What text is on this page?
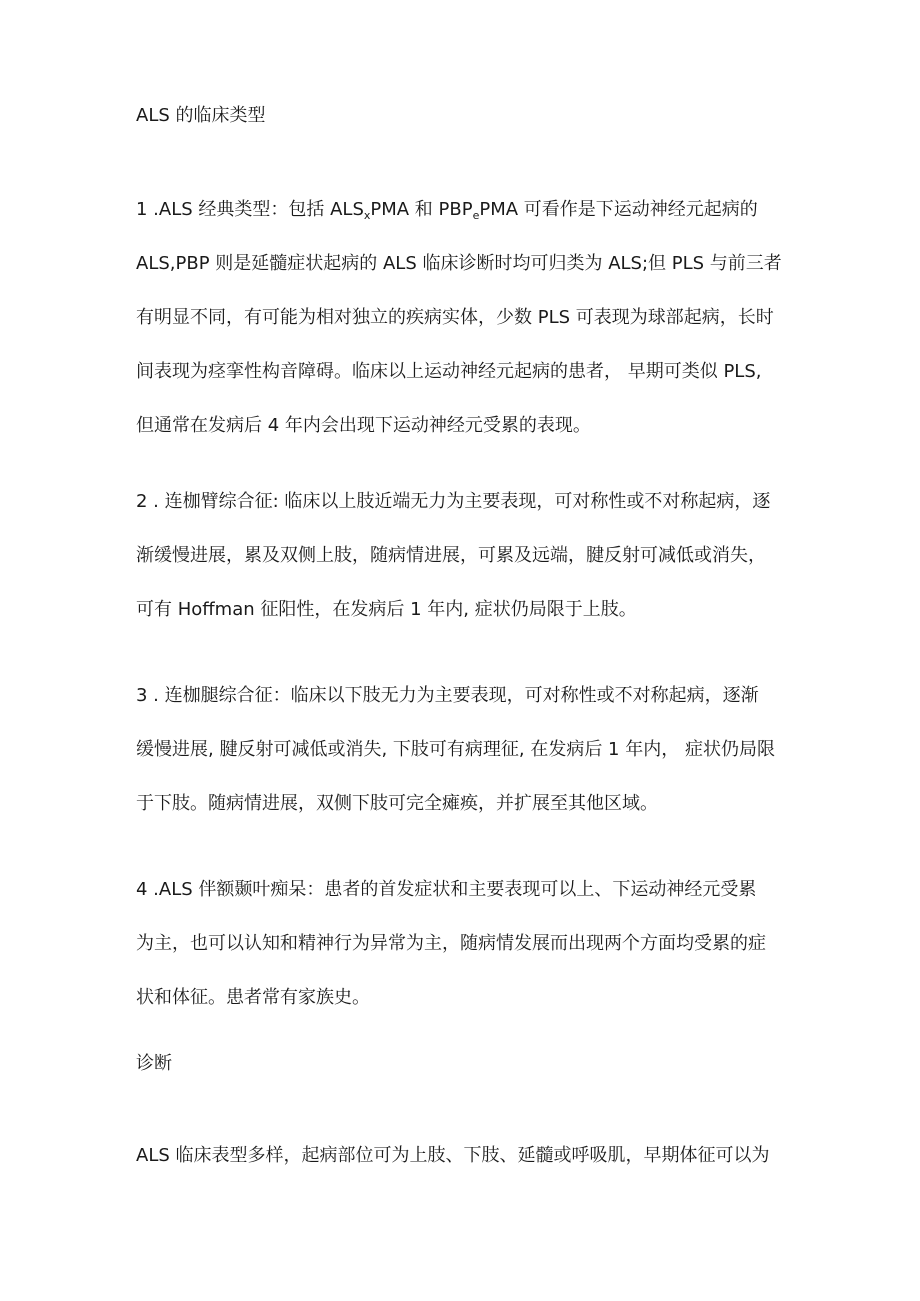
ALS 的临床类型
1 .ALS 经典类型：包括 $ALS_xPMA$ 和 $PBP_ePMA$ 可看作是下运动神经元起病的
ALS,PBP 则是延髓症状起病的 ALS 临床诊断时均可归类为 ALS;但 PLS 与前三者
有明显不同，有可能为相对独立的疾病实体，少数 PLS 可表现为球部起病，长时
间表现为痉挛性构音障碍。临床以上运动神经元起病的患者， 早期可类似 PLS,
但通常在发病后 4 年内会出现下运动神经元受累的表现。
2 . 连枷臂综合征: 临床以上肢近端无力为主要表现，可对称性或不对称起病，逐
渐缓慢进展，累及双侧上肢，随病情进展，可累及远端，腱反射可减低或消失，
可有 Hoffman 征阳性，在发病后 1 年内, 症状仍局限于上肢。
3 . 连枷腿综合征：临床以下肢无力为主要表现，可对称性或不对称起病，逐渐
缓慢进展, 腱反射可减低或消失, 下肢可有病理征, 在发病后 1 年内， 症状仍局限
于下肢。随病情进展，双侧下肢可完全瘫痪，并扩展至其他区域。
4 .ALS 伴额颞叶痴呆：患者的首发症状和主要表现可以上、下运动神经元受累
为主，也可以认知和精神行为异常为主，随病情发展而出现两个方面均受累的症
状和体征。患者常有家族史。
诊断
ALS 临床表型多样，起病部位可为上肢、下肢、延髓或呼吸肌，早期体征可以为
